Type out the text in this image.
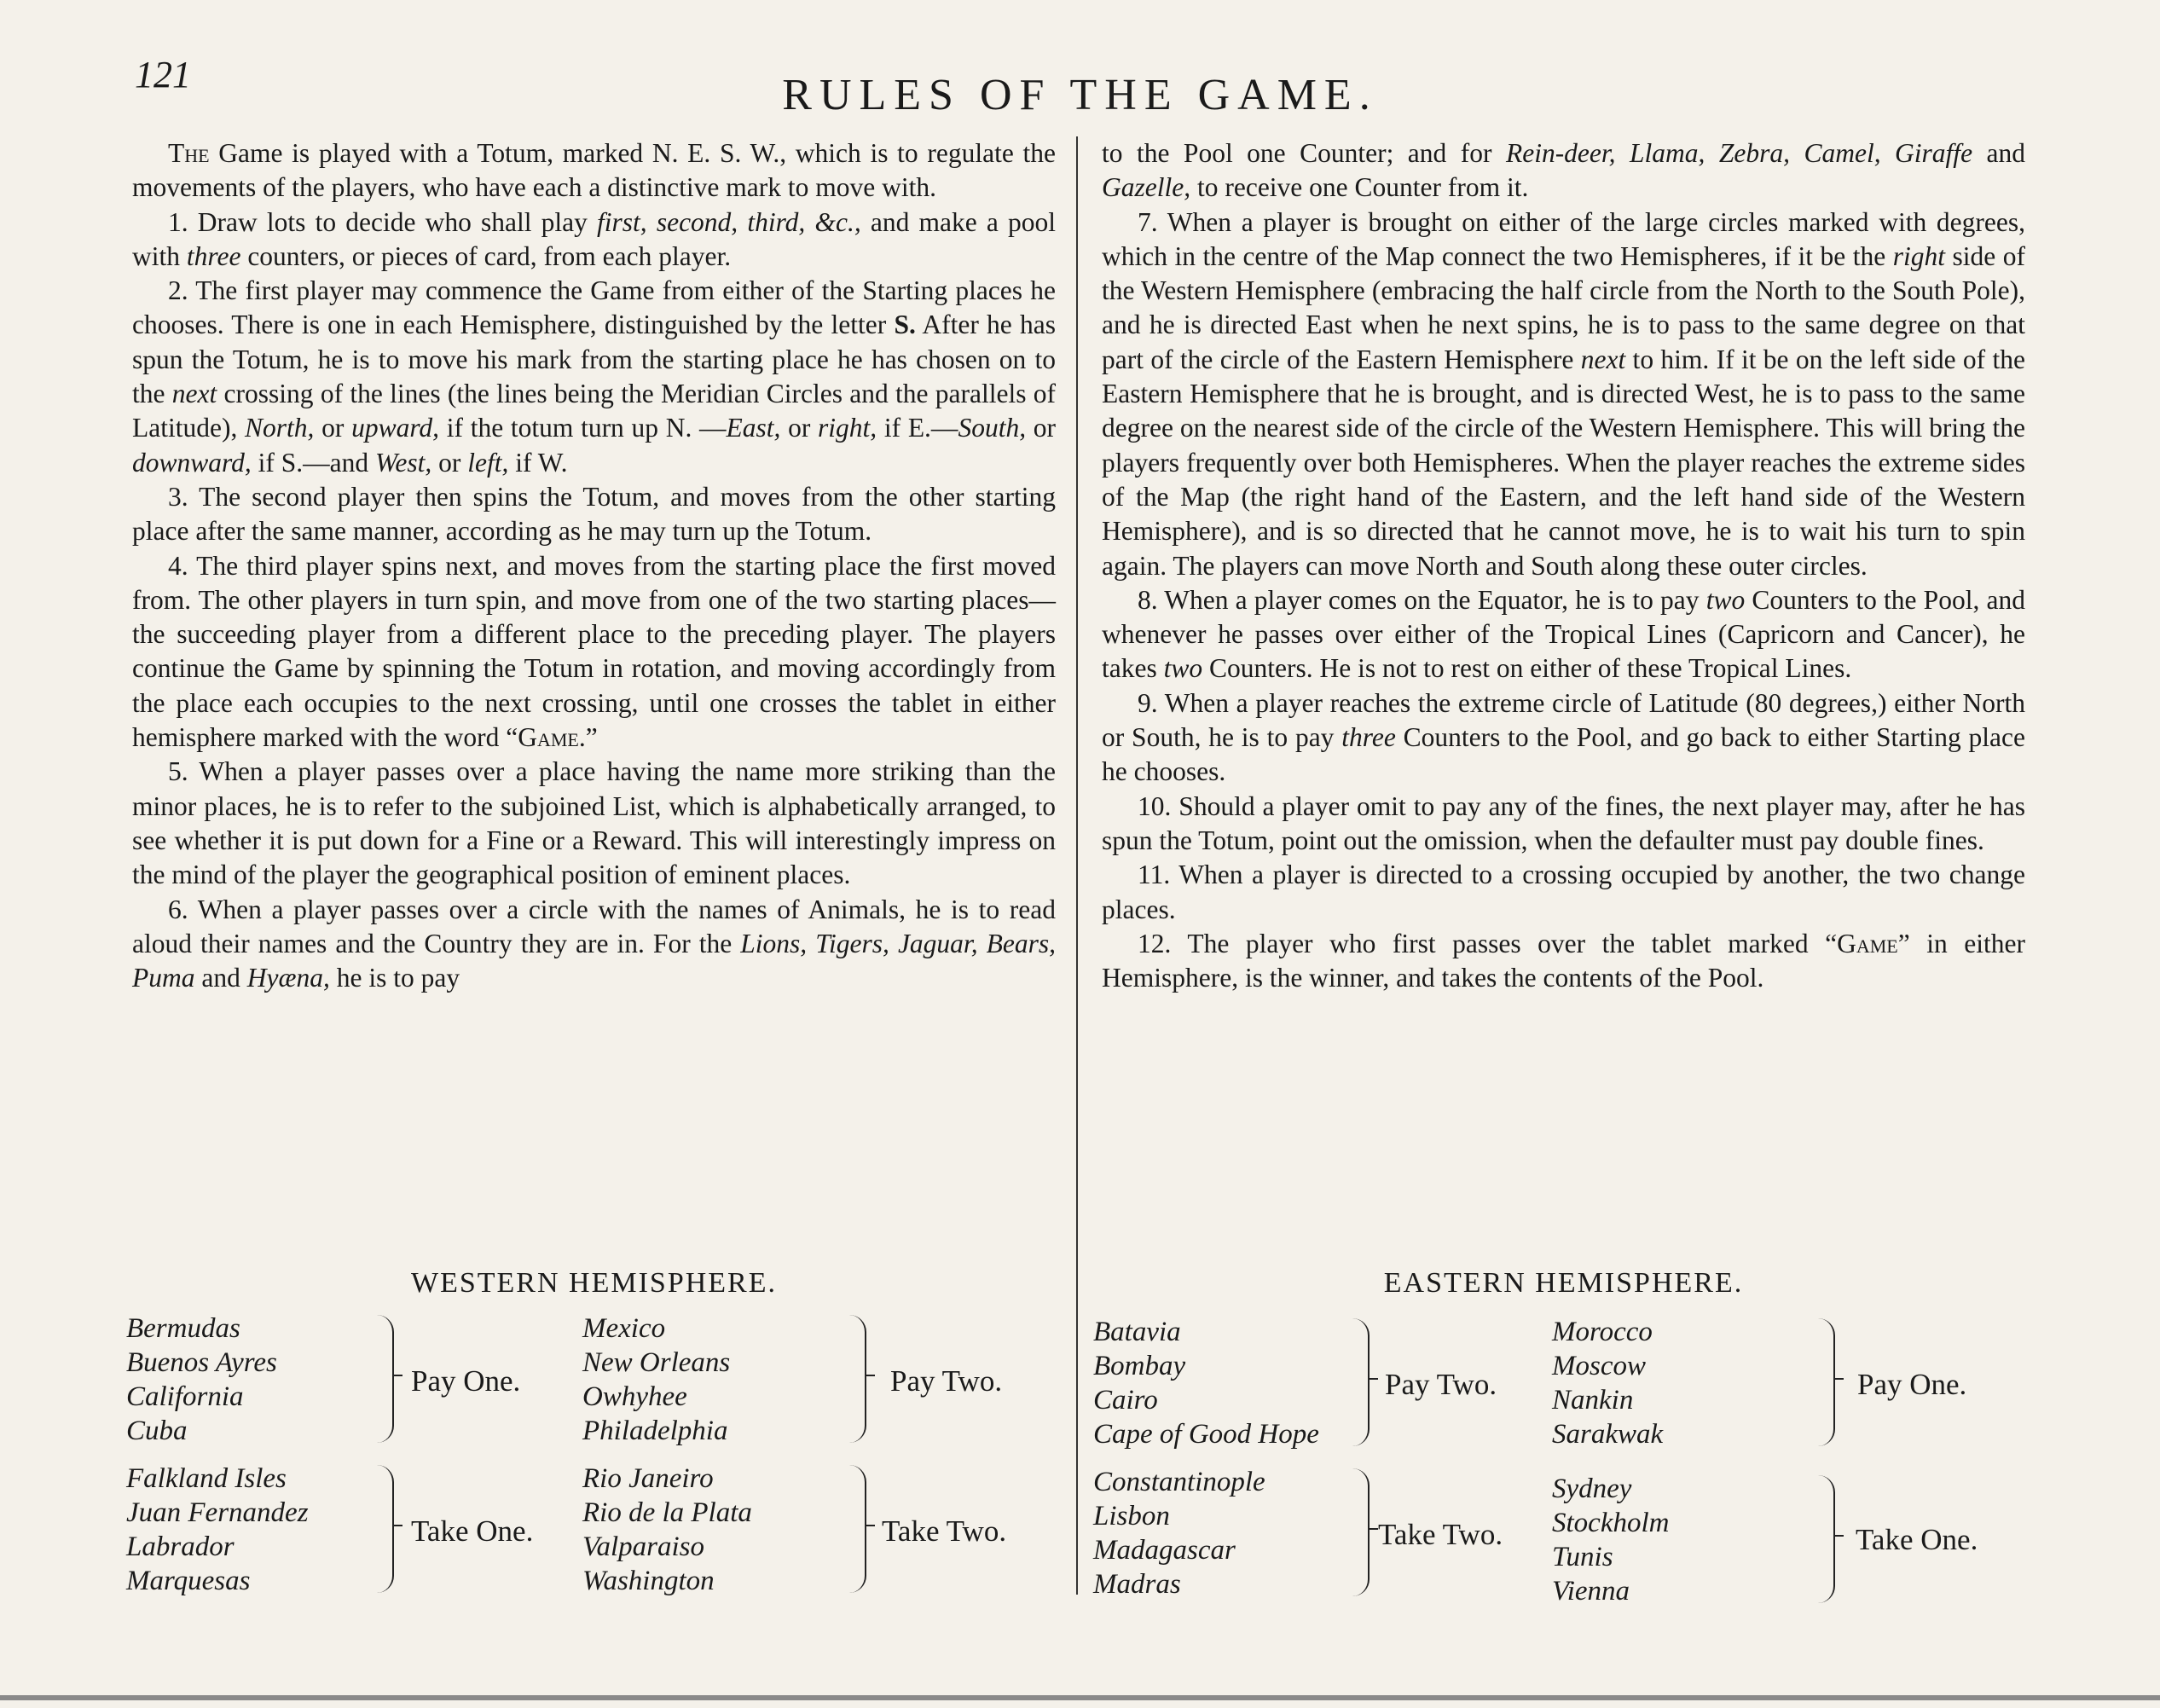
121	RULES OF THE GAME.

The Game is played with a Totum, marked N. E. S. W., which is to regulate the movements of the players, who have each a distinctive mark to move with.

1. Draw lots to decide who shall play first, second, third, &c., and make a pool with three counters, or pieces of card, from each player.

2. The first player may commence the Game from either of the Starting places he chooses. There is one in each Hemisphere, distinguished by the letter S. After he has spun the Totum, he is to move his mark from the starting place he has chosen on to the next crossing of the lines (the lines being the Meridian Circles and the parallels of Latitude), North, or upward, if the totum turn up N. —East, or right, if E.—South, or downward, if S.—and West, or left, if W.

3. The second player then spins the Totum, and moves from the other starting place after the same manner, according as he may turn up the Totum.

4. The third player spins next, and moves from the starting place the first moved from. The other players in turn spin, and move from one of the two starting places—the succeeding player from a different place to the preceding player. The players continue the Game by spinning the Totum in rotation, and moving accordingly from the place each occupies to the next crossing, until one crosses the tablet in either hemisphere marked with the word “Game.”

5. When a player passes over a place having the name more striking than the minor places, he is to refer to the subjoined List, which is alphabetically arranged, to see whether it is put down for a Fine or a Reward. This will interestingly impress on the mind of the player the geographical position of eminent places.

6. When a player passes over a circle with the names of Animals, he is to read aloud their names and the Country they are in. For the Lions, Tigers, Jaguar, Bears, Puma and Hyæna, he is to pay

to the Pool one Counter; and for Rein-deer, Llama, Zebra, Camel, Giraffe and Gazelle, to receive one Counter from it.

7. When a player is brought on either of the large circles marked with degrees, which in the centre of the Map connect the two Hemispheres, if it be the right side of the Western Hemisphere (embracing the half circle from the North to the South Pole), and he is directed East when he next spins, he is to pass to the same degree on that part of the circle of the Eastern Hemisphere next to him. If it be on the left side of the Eastern Hemisphere that he is brought, and is directed West, he is to pass to the same degree on the nearest side of the circle of the Western Hemisphere. This will bring the players frequently over both Hemispheres. When the player reaches the extreme sides of the Map (the right hand of the Eastern, and the left hand side of the Western Hemisphere), and is so directed that he cannot move, he is to wait his turn to spin again. The players can move North and South along these outer circles.

8. When a player comes on the Equator, he is to pay two Counters to the Pool, and whenever he passes over either of the Tropical Lines (Capricorn and Cancer), he takes two Counters. He is not to rest on either of these Tropical Lines.

9. When a player reaches the extreme circle of Latitude (80 degrees,) either North or South, he is to pay three Counters to the Pool, and go back to either Starting place he chooses.

10. Should a player omit to pay any of the fines, the next player may, after he has spun the Totum, point out the omission, when the defaulter must pay double fines.

11. When a player is directed to a crossing occupied by another, the two change places.

12. The player who first passes over the tablet marked “Game” in either Hemisphere, is the winner, and takes the contents of the Pool.

WESTERN HEMISPHERE.
Bermudas
Buenos Ayres
California
Cuba
Pay One.
Mexico
New Orleans
Owhyhee
Philadelphia
Pay Two.
Falkland Isles
Juan Fernandez
Labrador
Marquesas
Take One.
Rio Janeiro
Rio de la Plata
Valparaiso
Washington
Take Two.
EASTERN HEMISPHERE.
Batavia
Bombay
Cairo
Cape of Good Hope
Pay Two.
Morocco
Moscow
Nankin
Sarakwak
Pay One.
Constantinople
Lisbon
Madagascar
Madras
Take Two.
Sydney
Stockholm
Tunis
Vienna
Take One.
